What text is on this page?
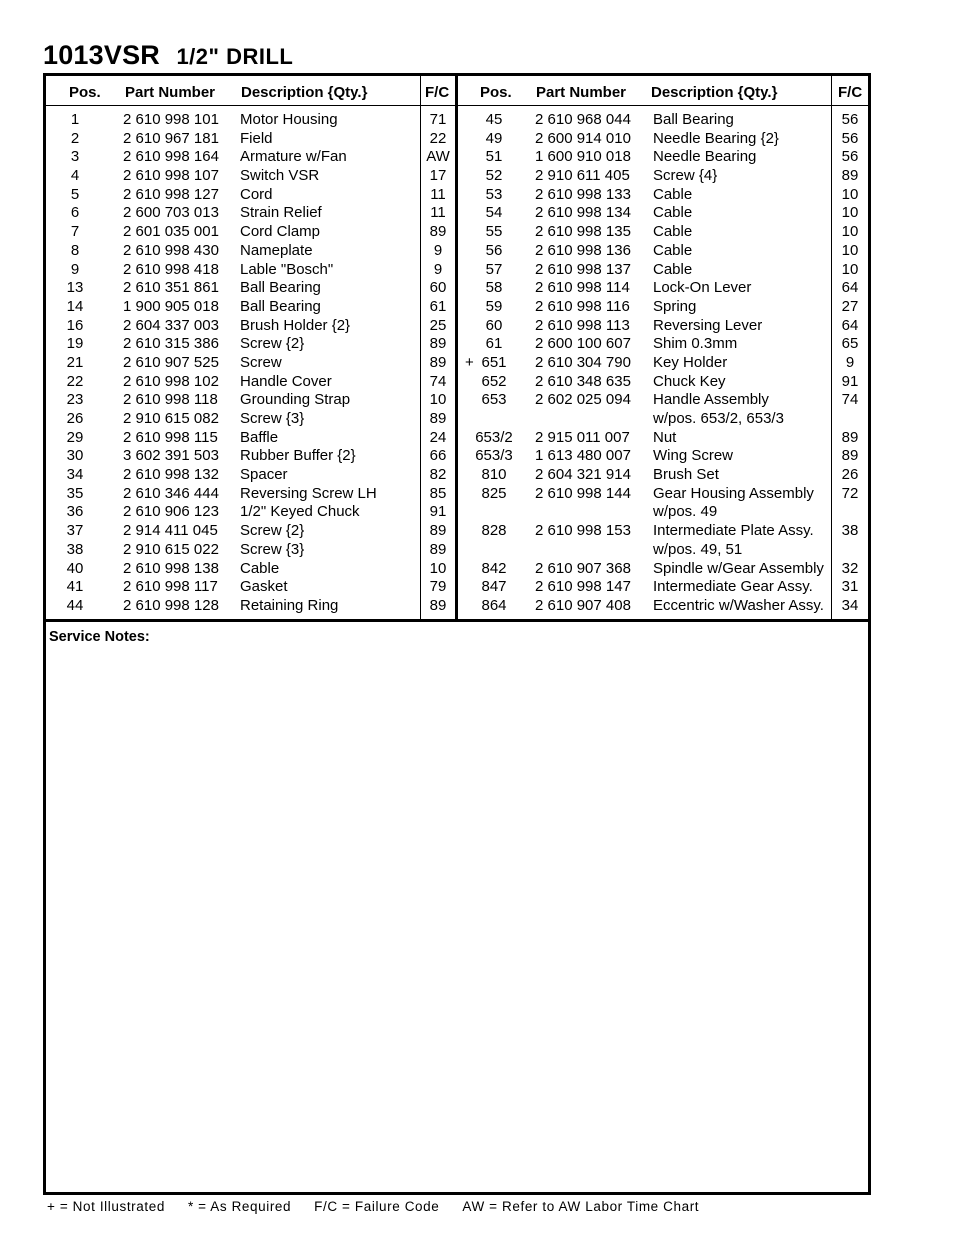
1013VSR 1/2" DRILL
Pos. Part Number Description {Qty.}	F/C Pos. Part Number Description {Qty.}	F/C
1	2 610 998 101 Motor Housing	71	45	2 610 968 044 Ball Bearing	56
2	2 610 967 181 Field	22	49	2 600 914 010 Needle Bearing {2}	56
3	2 610 998 164 Armature w/Fan	AW	51	1 600 910 018 Needle Bearing	56
4	2 610 998 107 Switch VSR	17	52	2 910 611 405 Screw {4}	89
5	2 610 998 127 Cord	11	53	2 610 998 133 Cable	10
6	2 600 703 013 Strain Relief	11	54	2 610 998 134 Cable	10
7	2 601 035 001 Cord Clamp	89	55	2 610 998 135 Cable	10
8	2 610 998 430 Nameplate	9	56	2 610 998 136 Cable	10
9	2 610 998 418 Lable "Bosch"	9	57	2 610 998 137 Cable	10
13	2 610 351 861 Ball Bearing	60	58	2 610 998 114 Lock-On Lever	64
14	1 900 905 018 Ball Bearing	61	59	2 610 998 116 Spring	27
16	2 604 337 003 Brush Holder {2}	25	60	2 610 998 113 Reversing Lever	64
19	2 610 315 386 Screw {2}	89	61	2 600 100 607 Shim 0.3mm	65
21	2 610 907 525 Screw	89	+ 651	2 610 304 790 Key Holder	9
22	2 610 998 102 Handle Cover	74	652	2 610 348 635 Chuck Key	91
23	2 610 998 118 Grounding Strap	10	653	2 602 025 094 Handle Assembly	74
26	2 910 615 082 Screw {3}	89	w/pos. 653/2, 653/3
29	2 610 998 115 Baffle	24	653/2 2 915 011 007 Nut	89
30	3 602 391 503 Rubber Buffer {2}	66	653/3 1 613 480 007 Wing Screw	89
34	2 610 998 132 Spacer	82	810	2 604 321 914 Brush Set	26
35	2 610 346 444 Reversing Screw LH	85	825	2 610 998 144 Gear Housing Assembly	72
36	2 610 906 123 1/2" Keyed Chuck	91	w/pos. 49
37	2 914 411 045 Screw {2}	89	828	2 610 998 153 Intermediate Plate Assy.	38
38	2 910 615 022 Screw {3}	89	w/pos. 49, 51
40	2 610 998 138 Cable	10	842	2 610 907 368 Spindle w/Gear Assembly	32
41	2 610 998 117 Gasket	79	847	2 610 998 147 Intermediate Gear Assy.	31
44	2 610 998 128 Retaining Ring	89	864	2 610 907 408 Eccentric w/Washer Assy.	34
Service Notes:
+ = Not Illustrated * = As Required F/C = Failure Code AW = Refer to AW Labor Time Chart
